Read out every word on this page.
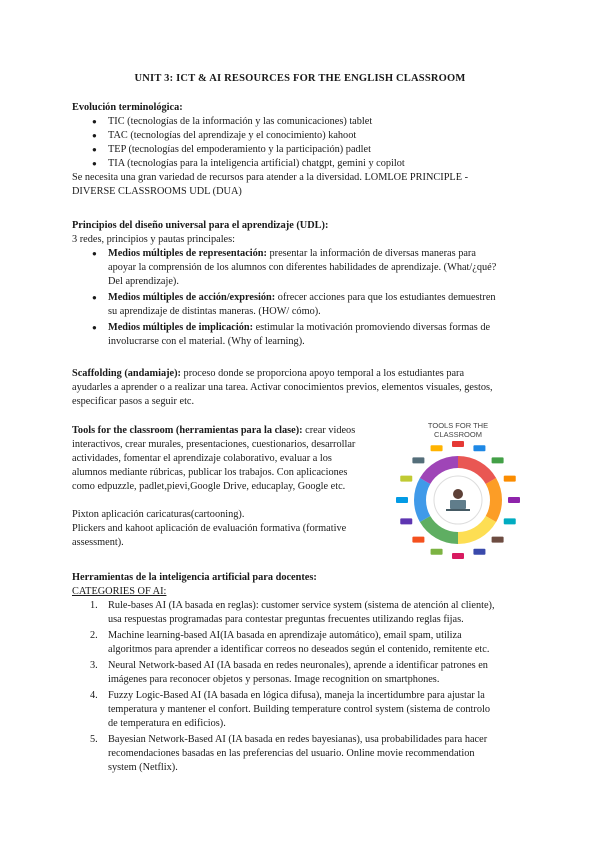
UNIT 3: ICT & AI RESOURCES FOR THE ENGLISH CLASSROOM
Evolución terminológica:
● TIC (tecnologías de la información y las comunicaciones) tablet
● TAC (tecnologías del aprendizaje y el conocimiento) kahoot
● TEP (tecnologías del empoderamiento y la participación) padlet
● TIA (tecnologías para la inteligencia artificial) chatgpt, gemini y copilot
Se necesita una gran variedad de recursos para atender a la diversidad. LOMLOE PRINCIPLE -
DIVERSE CLASSROOMS UDL (DUA)
Principios del diseño universal para el aprendizaje (UDL):
3 redes, principios y pautas principales:
● Medios múltiples de representación: presentar la información de diversas maneras para
apoyar la comprensión de los alumnos con diferentes habilidades de aprendizaje. (What/¿qué?
Del aprendizaje).
● Medios múltiples de acción/expresión: ofrecer acciones para que los estudiantes demuestren
su aprendizaje de distintas maneras. (HOW/ cómo).
● Medios múltiples de implicación: estimular la motivación promoviendo diversas formas de
involucrarse con el material. (Why of learning).
Scaffolding (andamiaje): proceso donde se proporciona apoyo temporal a los estudiantes para
ayudarles a aprender o a realizar una tarea. Activar conocimientos previos, elementos visuales, gestos,
especificar pasos a seguir etc.
Tools for the classroom (herramientas para la clase): crear videos
interactivos, crear murales, presentaciones, cuestionarios, desarrollar
actividades, fomentar el aprendizaje colaborativo, evaluar a los
alumnos mediante rúbricas, publicar los trabajos. Con aplicaciones
como edpuzzle, padlet,pievi,Google Drive, educaplay, Google etc.
Pixton aplicación caricaturas(cartooning).
Plickers and kahoot aplicación de evaluación formativa (formative
assessment).
TOOLS FOR THE
CLASSROOM
Herramientas de la inteligencia artificial para docentes:
CATEGORIES OF AI:
1. Rule-bases AI (IA basada en reglas): customer service system (sistema de atención al cliente),
usa respuestas programadas para contestar preguntas frecuentes utilizando reglas fijas.
2. Machine learning-based AI(IA basada en aprendizaje automático), email spam, utiliza
algoritmos para aprender a identificar correos no deseados según el contenido, remitente etc.
3. Neural Network-based AI (IA basada en redes neuronales), aprende a identificar patrones en
imágenes para reconocer objetos y personas. Image recognition on smartphones.
4. Fuzzy Logic-Based AI (IA basada en lógica difusa), maneja la incertidumbre para ajustar la
temperatura y mantener el confort. Building temperature control system (sistema de controlo
de temperatura en edificios).
5. Bayesian Network-Based AI (IA basada en redes bayesianas), usa probabilidades para hacer
recomendaciones basadas en las preferencias del usuario. Online movie recommendation
system (Netflix).
